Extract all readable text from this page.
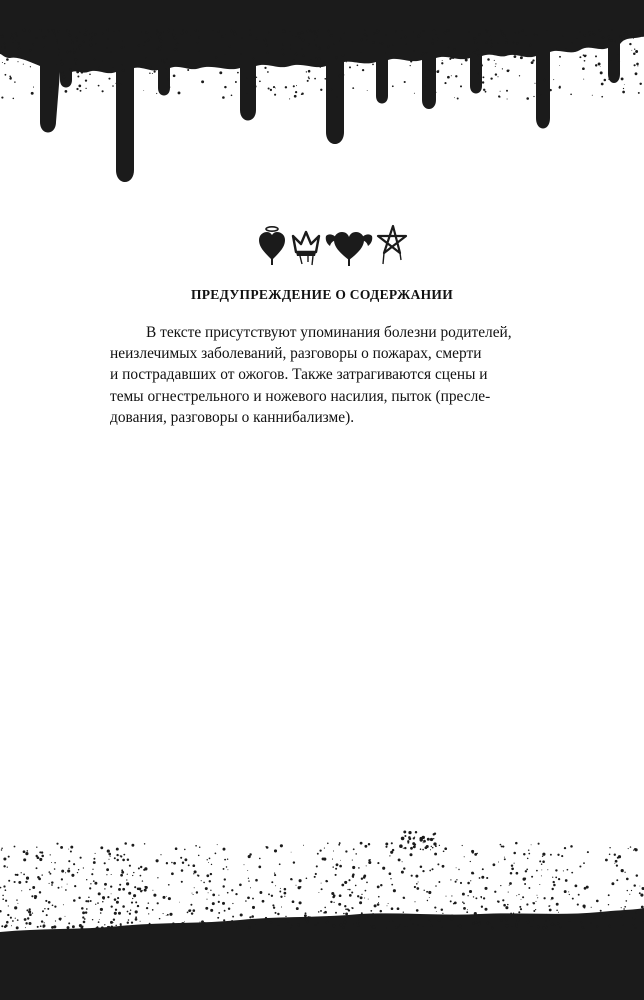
ПРЕДУПРЕЖДЕНИЕ О СОДЕРЖАНИИ

В тексте присутствуют упоминания болезни родителей,
неизлечимых заболеваний, разговоры о пожарах, смерти
и пострадавших от ожогов. Также затрагиваются сцены и
темы огнестрельного и ножевого насилия, пыток (пресле-
дования, разговоры о каннибализме).
